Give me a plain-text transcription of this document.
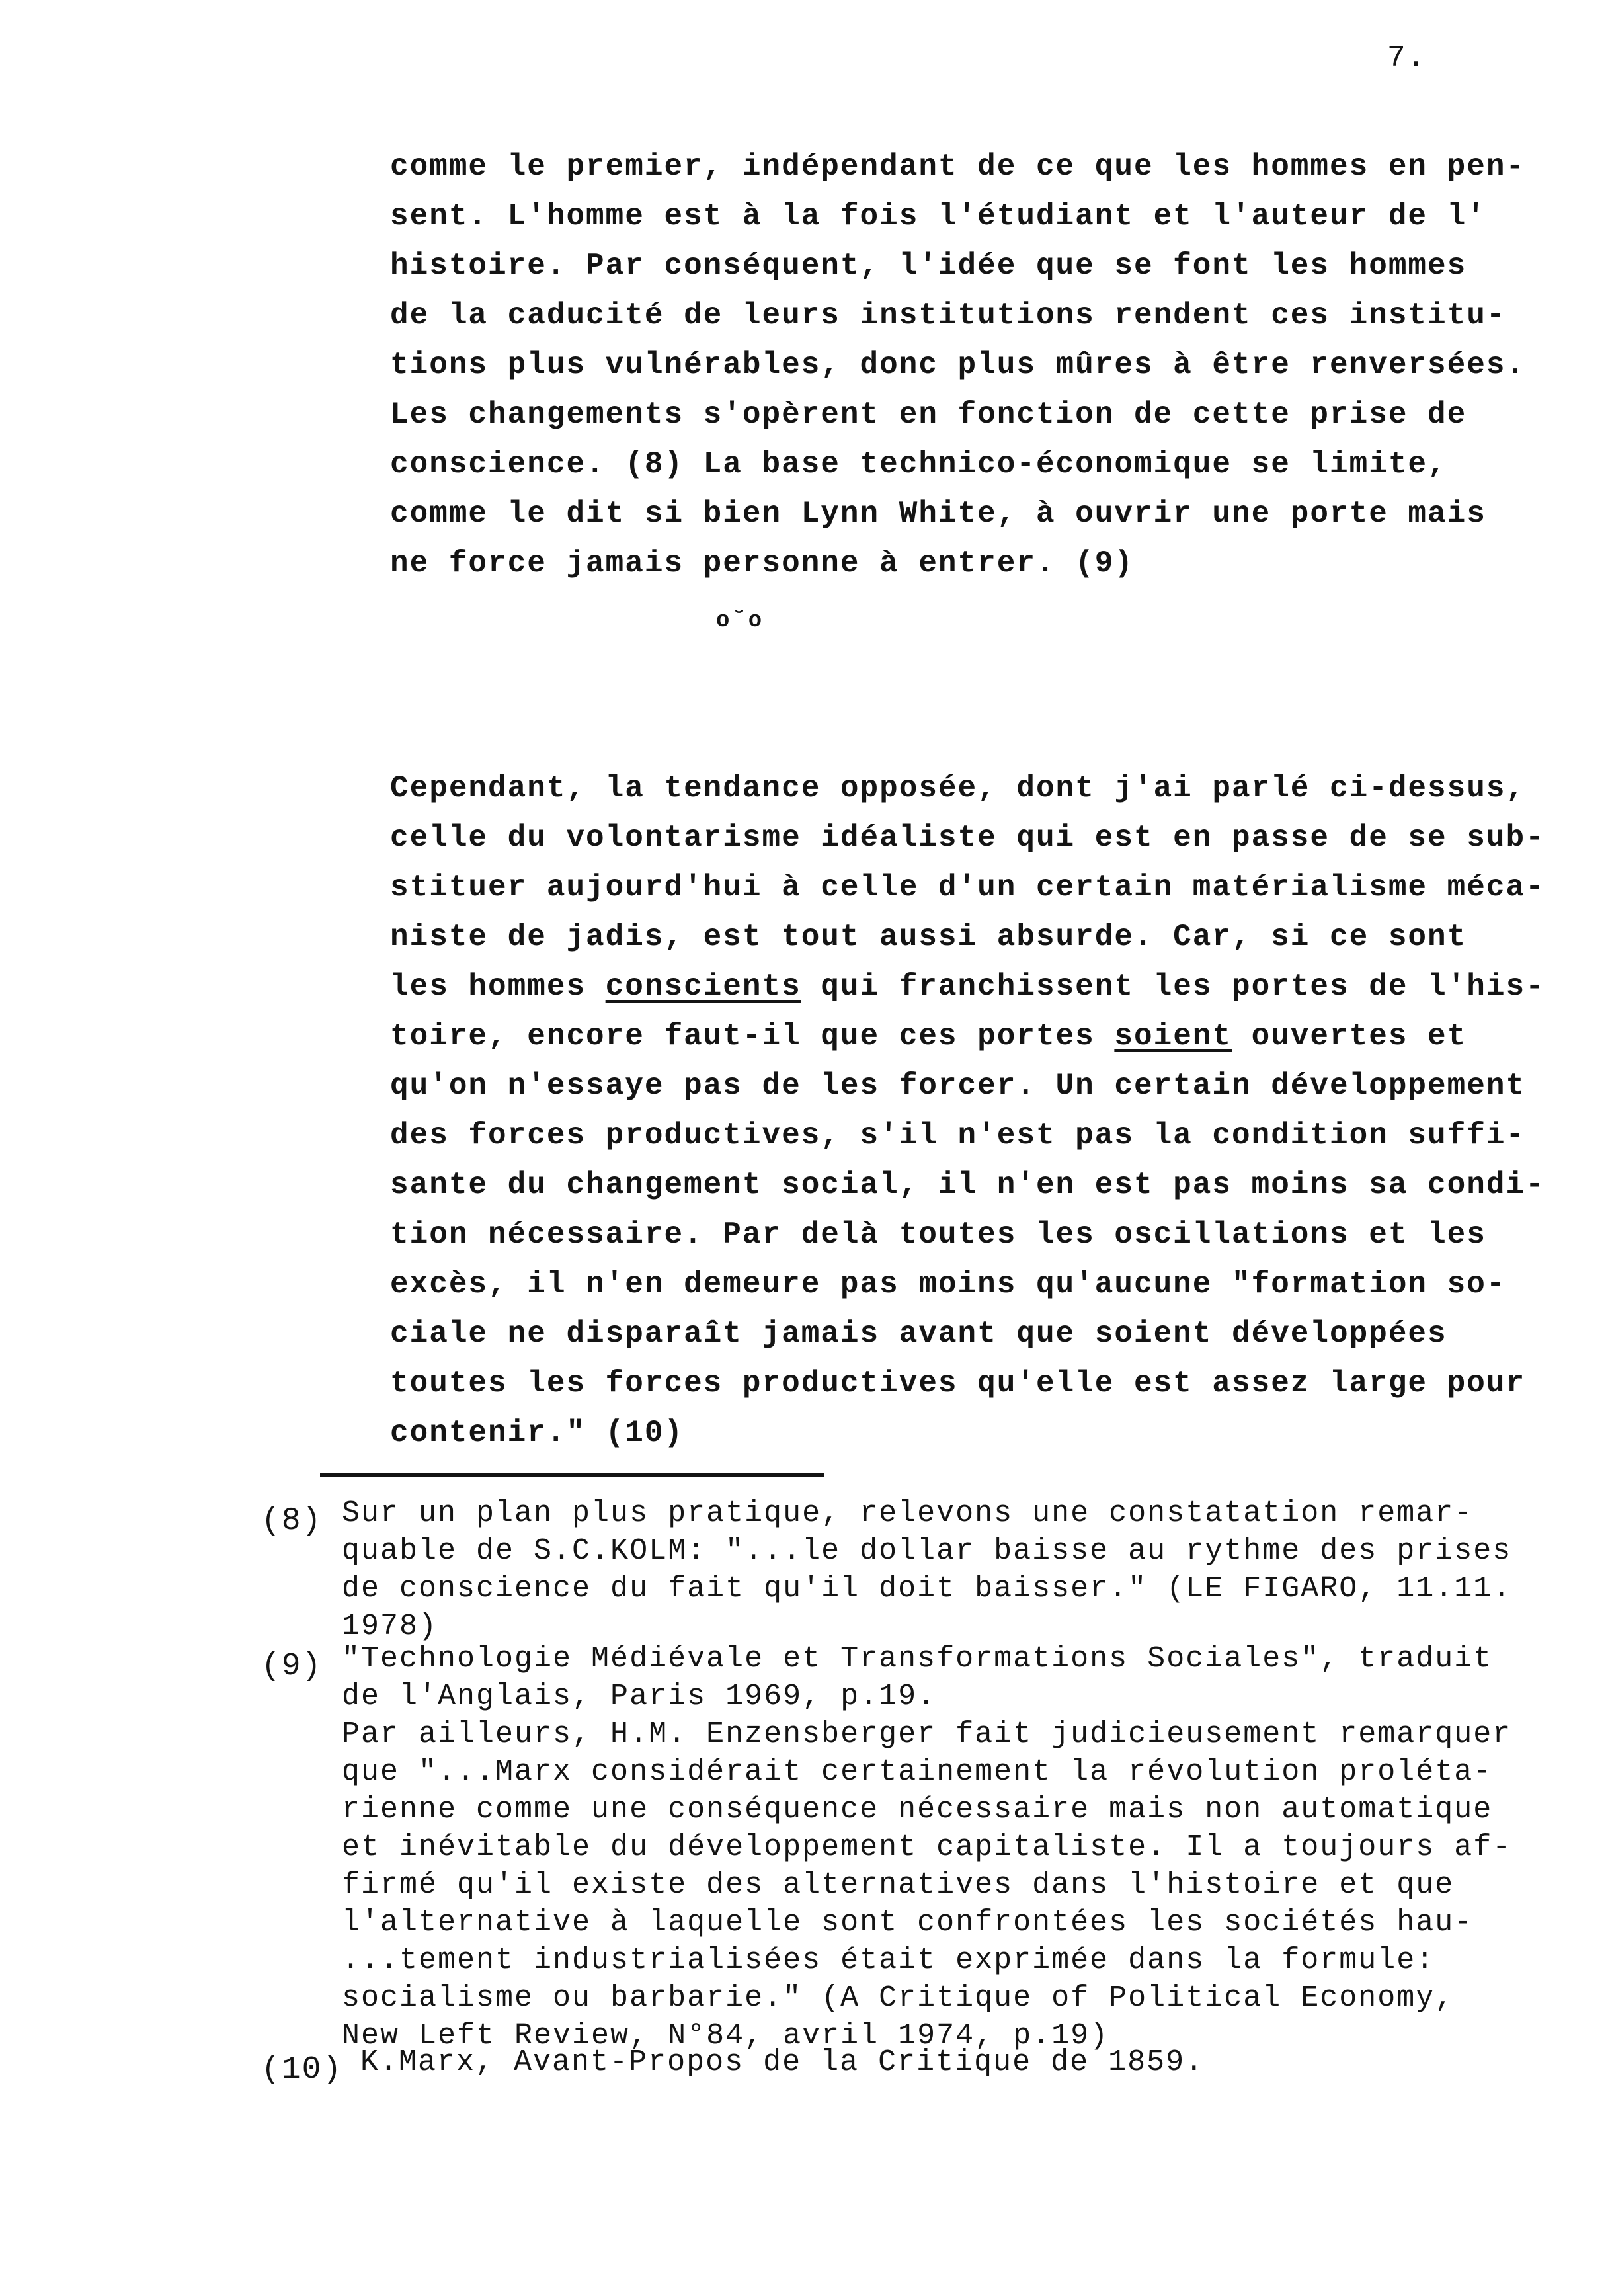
7.
comme le premier, indépendant de ce que les hommes en pen-
sent. L'homme est à la fois l'étudiant et l'auteur de l'
histoire. Par conséquent, l'idée que se font les hommes
de la caducité de leurs institutions rendent ces institu-
tions plus vulnérables, donc plus mûres à être renversées.
Les changements s'opèrent en fonction de cette prise de
conscience. (8) La base technico-économique se limite,
comme le dit si bien Lynn White, à ouvrir une porte mais
ne force jamais personne à entrer. (9)
o˘o
Cependant, la tendance opposée, dont j'ai parlé ci-dessus,
celle du volontarisme idéaliste qui est en passe de se sub-
stituer aujourd'hui à celle d'un certain matérialisme méca-
niste de jadis, est tout aussi absurde. Car, si ce sont
les hommes conscients qui franchissent les portes de l'his-
toire, encore faut-il que ces portes soient ouvertes et
qu'on n'essaye pas de les forcer. Un certain développement
des forces productives, s'il n'est pas la condition suffi-
sante du changement social, il n'en est pas moins sa condi-
tion nécessaire. Par delà toutes les oscillations et les
excès, il n'en demeure pas moins qu'aucune "formation so-
ciale ne disparaît jamais avant que soient développées
toutes les forces productives qu'elle est assez large pour
contenir." (10)
(8) Sur un plan plus pratique, relevons une constatation remar-
quable de S.C.KOLM: "...le dollar baisse au rythme des prises
de conscience du fait qu'il doit baisser." (LE FIGARO, 11.11.
1978)
(9) "Technologie Médiévale et Transformations Sociales", traduit
de l'Anglais, Paris 1969, p.19.
Par ailleurs, H.M. Enzensberger fait judicieusement remarquer
que "...Marx considérait certainement la révolution proléta-
rienne comme une conséquence nécessaire mais non automatique
et inévitable du développement capitaliste. Il a toujours af-
firmé qu'il existe des alternatives dans l'histoire et que
l'alternative à laquelle sont confrontées les sociétés hau-
...tement industrialisées était exprimée dans la formule:
socialisme ou barbarie." (A Critique of Political Economy,
New Left Review, N°84, avril 1974, p.19)
(10) K.Marx, Avant-Propos de la Critique de 1859.
